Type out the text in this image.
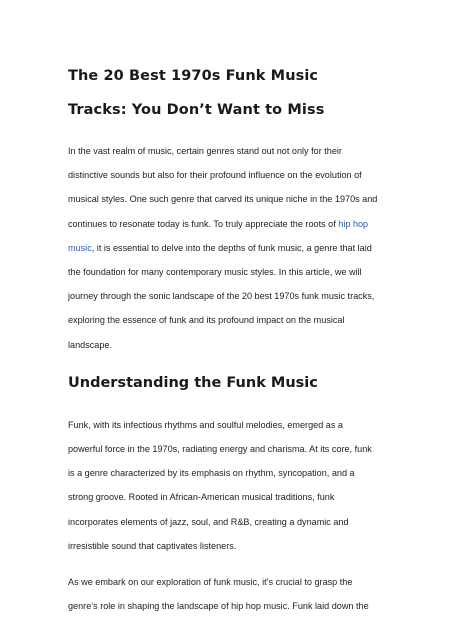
The 20 Best 1970s Funk Music Tracks: You Don’t Want to Miss

In the vast realm of music, certain genres stand out not only for their distinctive sounds but also for their profound influence on the evolution of musical styles. One such genre that carved its unique niche in the 1970s and continues to resonate today is funk. To truly appreciate the roots of hip hop music, it is essential to delve into the depths of funk music, a genre that laid the foundation for many contemporary music styles. In this article, we will journey through the sonic landscape of the 20 best 1970s funk music tracks, exploring the essence of funk and its profound impact on the musical landscape.

Understanding the Funk Music

Funk, with its infectious rhythms and soulful melodies, emerged as a powerful force in the 1970s, radiating energy and charisma. At its core, funk is a genre characterized by its emphasis on rhythm, syncopation, and a strong groove. Rooted in African-American musical traditions, funk incorporates elements of jazz, soul, and R&B, creating a dynamic and irresistible sound that captivates listeners.

As we embark on our exploration of funk music, it’s crucial to grasp the genre’s role in shaping the landscape of hip hop music. Funk laid down the
